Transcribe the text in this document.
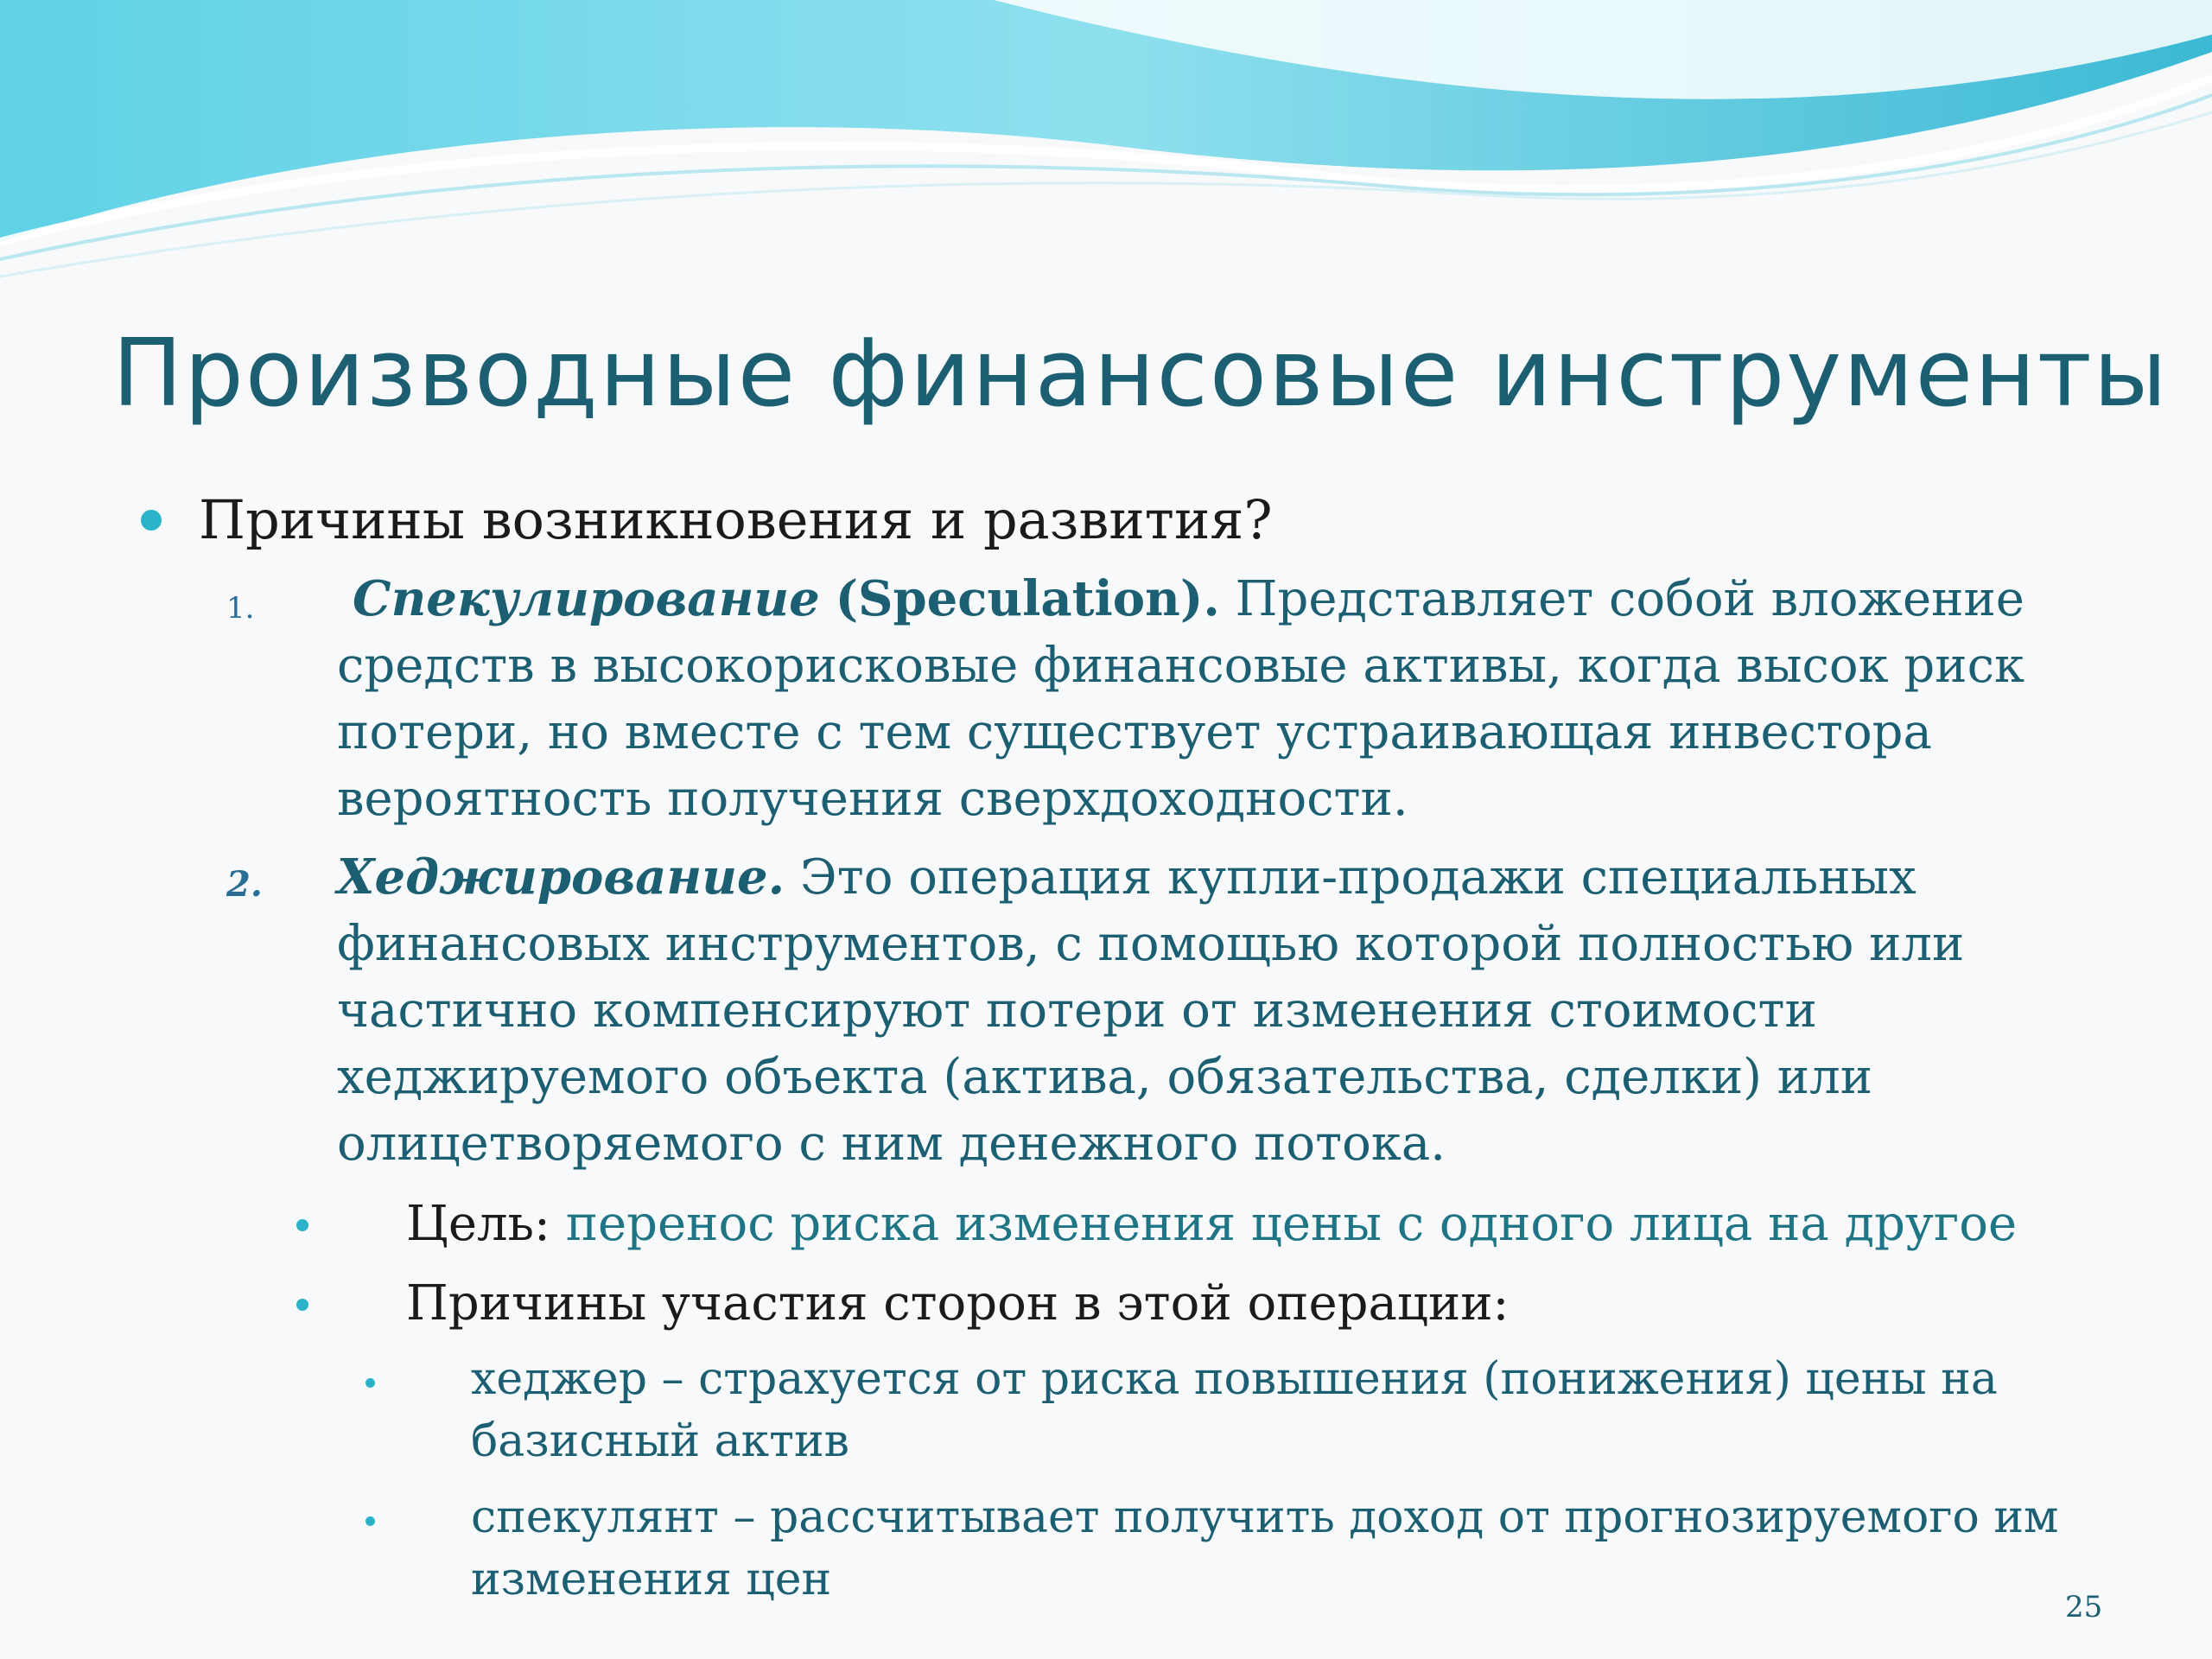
Производные финансовые инструменты
Причины возникновения и развития?
1.	Спекулирование (Speculation). Представляет собой вложение
средств в высокорисковые финансовые активы, когда высок риск
потери, но вместе с тем существует устраивающая инвестора
вероятность получения сверхдоходности.
2. Хеджирование. Это операция купли-продажи специальных
финансовых инструментов, с помощью которой полностью или
частично компенсируют потери от изменения стоимости
хеджируемого объекта (актива, обязательства, сделки) или
олицетворяемого с ним денежного потока.
Цель: перенос риска изменения цены с одного лица на другое
Причины участия сторон в этой операции:
хеджер – страхуется от риска повышения (понижения) цены на
базисный актив
спекулянт – рассчитывает получить доход от прогнозируемого им
изменения цен
25
